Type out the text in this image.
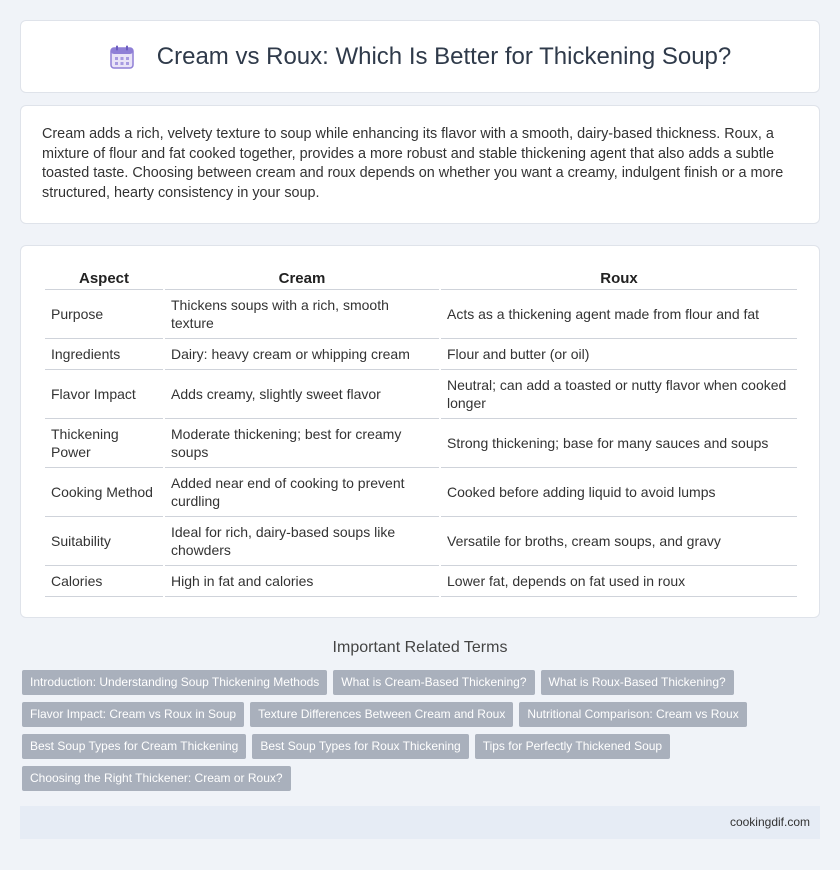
Cream vs Roux: Which Is Better for Thickening Soup?

Cream adds a rich, velvety texture to soup while enhancing its flavor with a smooth, dairy-based thickness. Roux, a mixture of flour and fat cooked together, provides a more robust and stable thickening agent that also adds a subtle toasted taste. Choosing between cream and roux depends on whether you want a creamy, indulgent finish or a more structured, hearty consistency in your soup.

Aspect	Cream	Roux
Purpose	Thickens soups with a rich, smooth texture	Acts as a thickening agent made from flour and fat
Ingredients	Dairy: heavy cream or whipping cream	Flour and butter (or oil)
Flavor Impact	Adds creamy, slightly sweet flavor	Neutral; can add a toasted or nutty flavor when cooked longer
Thickening Power	Moderate thickening; best for creamy soups	Strong thickening; base for many sauces and soups
Cooking Method	Added near end of cooking to prevent curdling	Cooked before adding liquid to avoid lumps
Suitability	Ideal for rich, dairy-based soups like chowders	Versatile for broths, cream soups, and gravy
Calories	High in fat and calories	Lower fat, depends on fat used in roux
Important Related Terms
Introduction: Understanding Soup Thickening Methods	What is Cream-Based Thickening?	What is Roux-Based Thickening?
Flavor Impact: Cream vs Roux in Soup	Texture Differences Between Cream and Roux	Nutritional Comparison: Cream vs Roux
Best Soup Types for Cream Thickening	Best Soup Types for Roux Thickening	Tips for Perfectly Thickened Soup
Choosing the Right Thickener: Cream or Roux?
cookingdif.com
